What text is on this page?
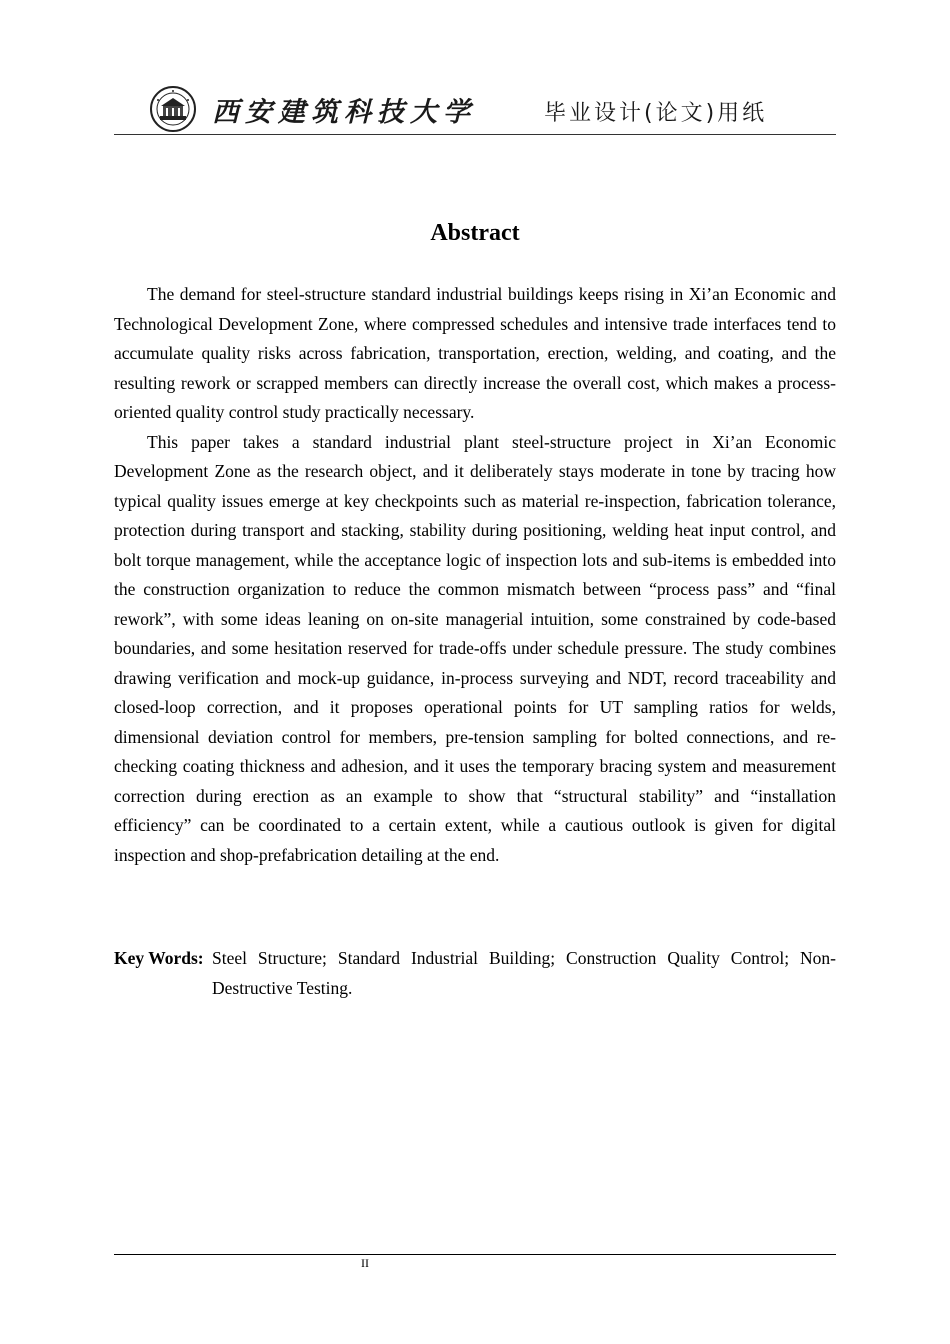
西安建筑科技大学	毕业设计(论文)用纸
Abstract

The demand for steel-structure standard industrial buildings keeps rising in Xi’an Economic and Technological Development Zone, where compressed schedules and intensive trade interfaces tend to accumulate quality risks across fabrication, transportation, erection, welding, and coating, and the resulting rework or scrapped members can directly increase the overall cost, which makes a process-oriented quality control study practically necessary.

This paper takes a standard industrial plant steel-structure project in Xi’an Economic Development Zone as the research object, and it deliberately stays moderate in tone by tracing how typical quality issues emerge at key checkpoints such as material re-inspection, fabrication tolerance, protection during transport and stacking, stability during positioning, welding heat input control, and bolt torque management, while the acceptance logic of inspection lots and sub-items is embedded into the construction organization to reduce the common mismatch between “process pass” and “final rework”, with some ideas leaning on on-site managerial intuition, some constrained by code-based boundaries, and some hesitation reserved for trade-offs under schedule pressure. The study combines drawing verification and mock-up guidance, in-process surveying and NDT, record traceability and closed-loop correction, and it proposes operational points for UT sampling ratios for welds, dimensional deviation control for members, pre-tension sampling for bolted connections, and re-checking coating thickness and adhesion, and it uses the temporary bracing system and measurement correction during erection as an example to show that “structural stability” and “installation efficiency” can be coordinated to a certain extent, while a cautious outlook is given for digital inspection and shop-prefabrication detailing at the end.

Key Words: Steel Structure; Standard Industrial Building; Construction Quality Control; Non-Destructive Testing.
II
